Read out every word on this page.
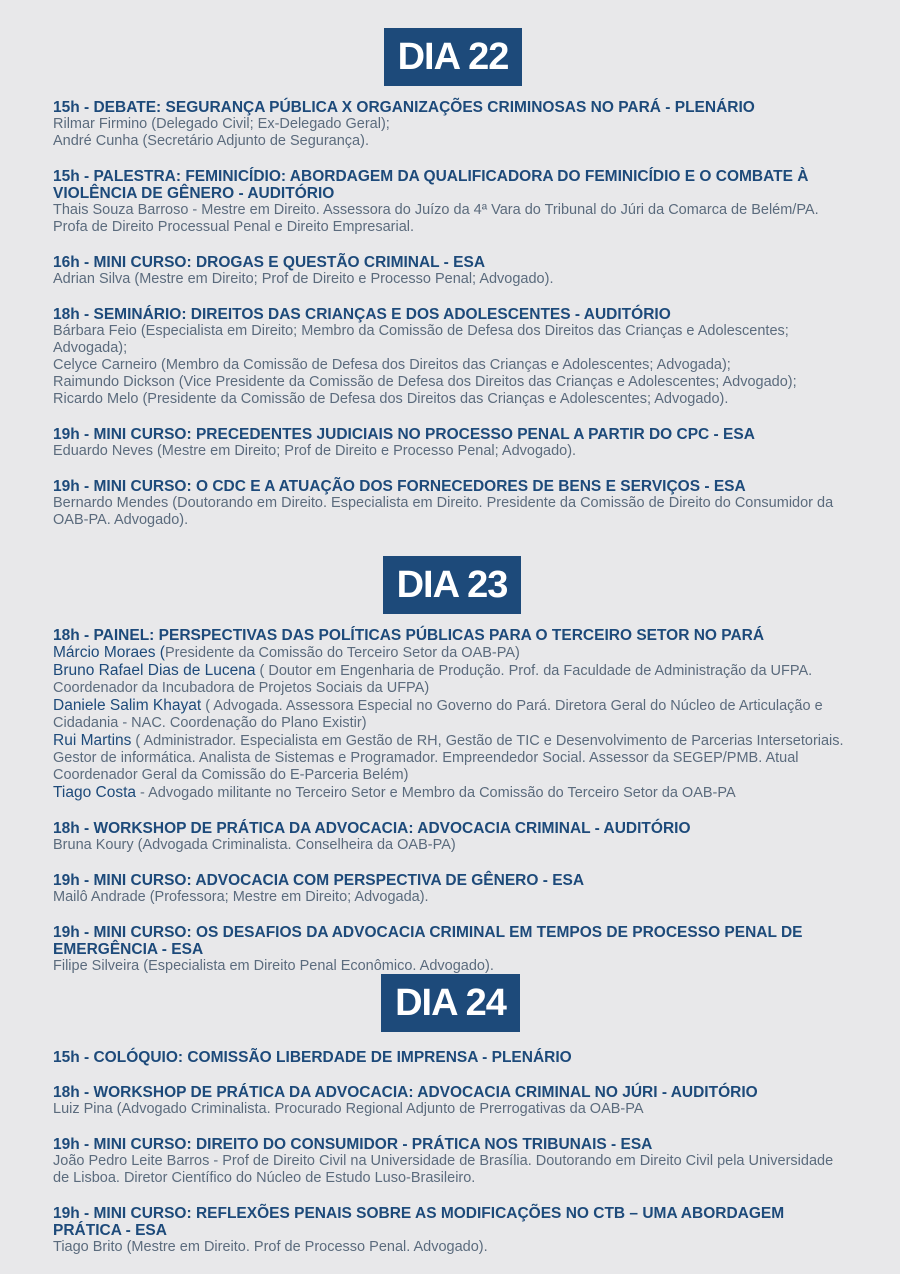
DIA 22

15h - DEBATE: SEGURANÇA PÚBLICA X ORGANIZAÇÕES CRIMINOSAS NO PARÁ - PLENÁRIO

Rilmar Firmino (Delegado Civil; Ex-Delegado Geral);

André Cunha (Secretário Adjunto de Segurança).

15h - PALESTRA: FEMINICÍDIO: ABORDAGEM DA QUALIFICADORA DO FEMINICÍDIO E O COMBATE À VIOLÊNCIA DE GÊNERO - AUDITÓRIO

Thais Souza Barroso - Mestre em Direito. Assessora do Juízo da 4ª Vara do Tribunal do Júri da Comarca de Belém/PA. Profa de Direito Processual Penal e Direito Empresarial.

16h - MINI CURSO: DROGAS E QUESTÃO CRIMINAL - ESA

Adrian Silva (Mestre em Direito; Prof de Direito e Processo Penal; Advogado).

18h - SEMINÁRIO: DIREITOS DAS CRIANÇAS E DOS ADOLESCENTES - AUDITÓRIO

Bárbara Feio (Especialista em Direito; Membro da Comissão de Defesa dos Direitos das Crianças e Adolescentes; Advogada);

Celyce Carneiro (Membro da Comissão de Defesa dos Direitos das Crianças e Adolescentes; Advogada);

Raimundo Dickson (Vice Presidente da Comissão de Defesa dos Direitos das Crianças e Adolescentes; Advogado);

Ricardo Melo (Presidente da Comissão de Defesa dos Direitos das Crianças e Adolescentes; Advogado).

19h - MINI CURSO: PRECEDENTES JUDICIAIS NO PROCESSO PENAL A PARTIR DO CPC - ESA

Eduardo Neves (Mestre em Direito; Prof de Direito e Processo Penal; Advogado).

19h - MINI CURSO: O CDC E A ATUAÇÃO DOS FORNECEDORES DE BENS E SERVIÇOS - ESA

Bernardo Mendes (Doutorando em Direito. Especialista em Direito. Presidente da Comissão de Direito do Consumidor da OAB-PA. Advogado).

DIA 23

18h - PAINEL: PERSPECTIVAS DAS POLÍTICAS PÚBLICAS PARA O TERCEIRO SETOR NO PARÁ

Márcio Moraes (Presidente da Comissão do Terceiro Setor da OAB-PA)

Bruno Rafael Dias de Lucena ( Doutor em Engenharia de Produção. Prof. da Faculdade de Administração da UFPA. Coordenador da Incubadora de Projetos Sociais da UFPA)

Daniele Salim Khayat ( Advogada. Assessora Especial no Governo do Pará. Diretora Geral do Núcleo de Articulação e Cidadania - NAC. Coordenação do Plano Existir)

Rui Martins ( Administrador. Especialista em Gestão de RH, Gestão de TIC e Desenvolvimento de Parcerias Intersetoriais. Gestor de informática. Analista de Sistemas e Programador. Empreendedor Social. Assessor da SEGEP/PMB. Atual Coordenador Geral da Comissão do E-Parceria Belém)

Tiago Costa - Advogado militante no Terceiro Setor e Membro da Comissão do Terceiro Setor da OAB-PA

18h - WORKSHOP DE PRÁTICA DA ADVOCACIA: ADVOCACIA CRIMINAL - AUDITÓRIO

Bruna Koury (Advogada Criminalista. Conselheira da OAB-PA)

19h - MINI CURSO: ADVOCACIA COM PERSPECTIVA DE GÊNERO - ESA

Mailô Andrade (Professora; Mestre em Direito; Advogada).

19h - MINI CURSO: OS DESAFIOS DA ADVOCACIA CRIMINAL EM TEMPOS DE PROCESSO PENAL DE EMERGÊNCIA - ESA

Filipe Silveira (Especialista em Direito Penal Econômico. Advogado).

DIA 24

15h - COLÓQUIO: COMISSÃO LIBERDADE DE IMPRENSA - PLENÁRIO

18h - WORKSHOP DE PRÁTICA DA ADVOCACIA: ADVOCACIA CRIMINAL NO JÚRI - AUDITÓRIO

Luiz Pina (Advogado Criminalista. Procurado Regional Adjunto de Prerrogativas da OAB-PA

19h - MINI CURSO: DIREITO DO CONSUMIDOR - PRÁTICA NOS TRIBUNAIS - ESA

João Pedro Leite Barros - Prof de Direito Civil na Universidade de Brasília. Doutorando em Direito Civil pela Universidade de Lisboa. Diretor Científico do Núcleo de Estudo Luso-Brasileiro.

19h - MINI CURSO: REFLEXÕES PENAIS SOBRE AS MODIFICAÇÕES NO CTB – UMA ABORDAGEM PRÁTICA - ESA

Tiago Brito (Mestre em Direito. Prof de Processo Penal. Advogado).
